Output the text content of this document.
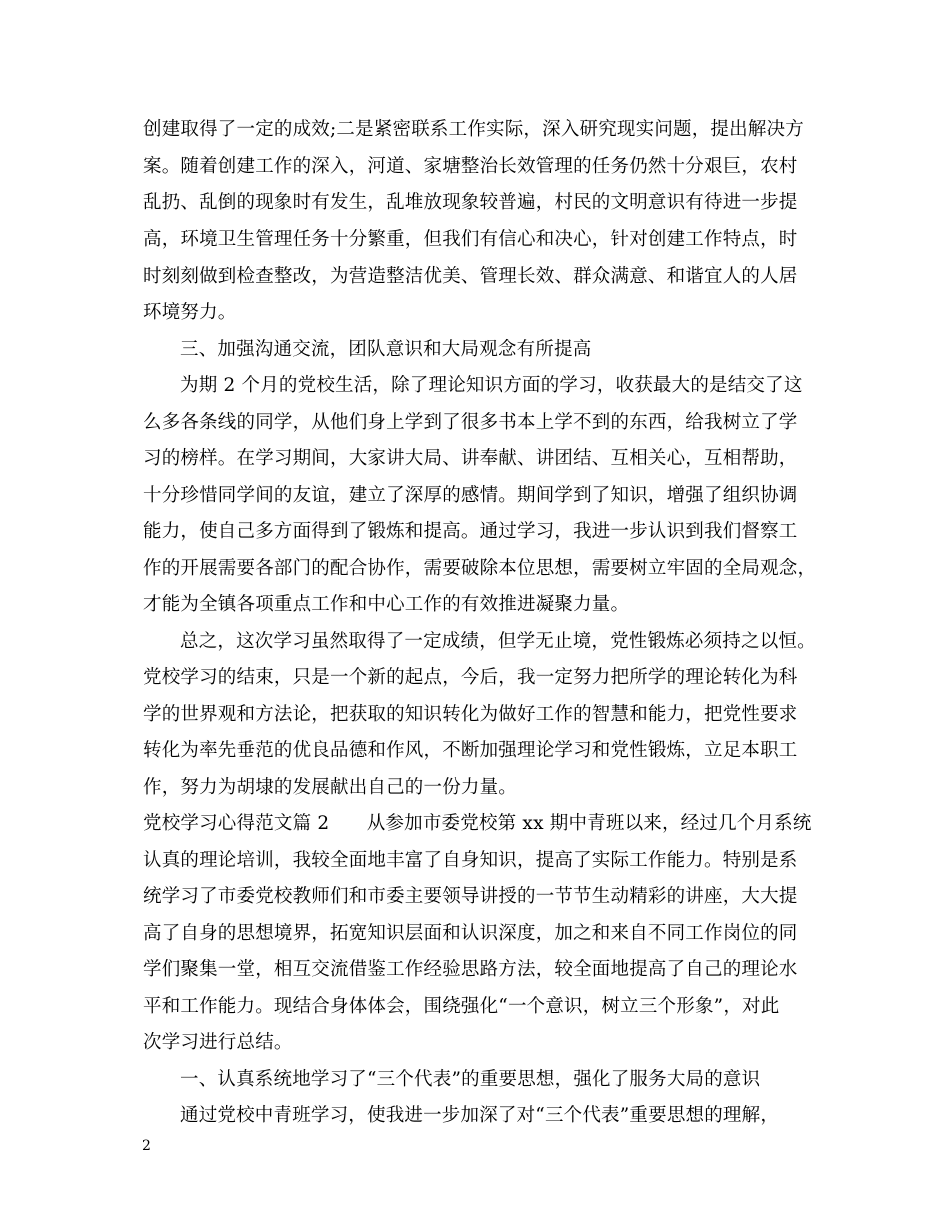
创建取得了一定的成效;二是紧密联系工作实际，深入研究现实问题，提出解决方
案。随着创建工作的深入，河道、家塘整治长效管理的任务仍然十分艰巨，农村
乱扔、乱倒的现象时有发生，乱堆放现象较普遍，村民的文明意识有待进一步提
高，环境卫生管理任务十分繁重，但我们有信心和决心，针对创建工作特点，时
时刻刻做到检查整改，为营造整洁优美、管理长效、群众满意、和谐宜人的人居
环境努力。
三、加强沟通交流，团队意识和大局观念有所提高
为期 2 个月的党校生活，除了理论知识方面的学习，收获最大的是结交了这
么多各条线的同学，从他们身上学到了很多书本上学不到的东西，给我树立了学
习的榜样。在学习期间，大家讲大局、讲奉献、讲团结、互相关心，互相帮助，
十分珍惜同学间的友谊，建立了深厚的感情。期间学到了知识，增强了组织协调
能力，使自己多方面得到了锻炼和提高。通过学习，我进一步认识到我们督察工
作的开展需要各部门的配合协作，需要破除本位思想，需要树立牢固的全局观念，
才能为全镇各项重点工作和中心工作的有效推进凝聚力量。
总之，这次学习虽然取得了一定成绩，但学无止境，党性锻炼必须持之以恒。
党校学习的结束，只是一个新的起点，今后，我一定努力把所学的理论转化为科
学的世界观和方法论，把获取的知识转化为做好工作的智慧和能力，把党性要求
转化为率先垂范的优良品德和作风，不断加强理论学习和党性锻炼，立足本职工
作，努力为胡埭的发展献出自己的一份力量。
党校学习心得范文篇 2　　从参加市委党校第 xx 期中青班以来，经过几个月系统
认真的理论培训，我较全面地丰富了自身知识，提高了实际工作能力。特别是系
统学习了市委党校教师们和市委主要领导讲授的一节节生动精彩的讲座，大大提
高了自身的思想境界，拓宽知识层面和认识深度，加之和来自不同工作岗位的同
学们聚集一堂，相互交流借鉴工作经验思路方法，较全面地提高了自己的理论水
平和工作能力。现结合身体体会，围绕强化“一个意识，树立三个形象”，对此
次学习进行总结。
一、认真系统地学习了“三个代表”的重要思想，强化了服务大局的意识
通过党校中青班学习，使我进一步加深了对“三个代表”重要思想的理解，
2
